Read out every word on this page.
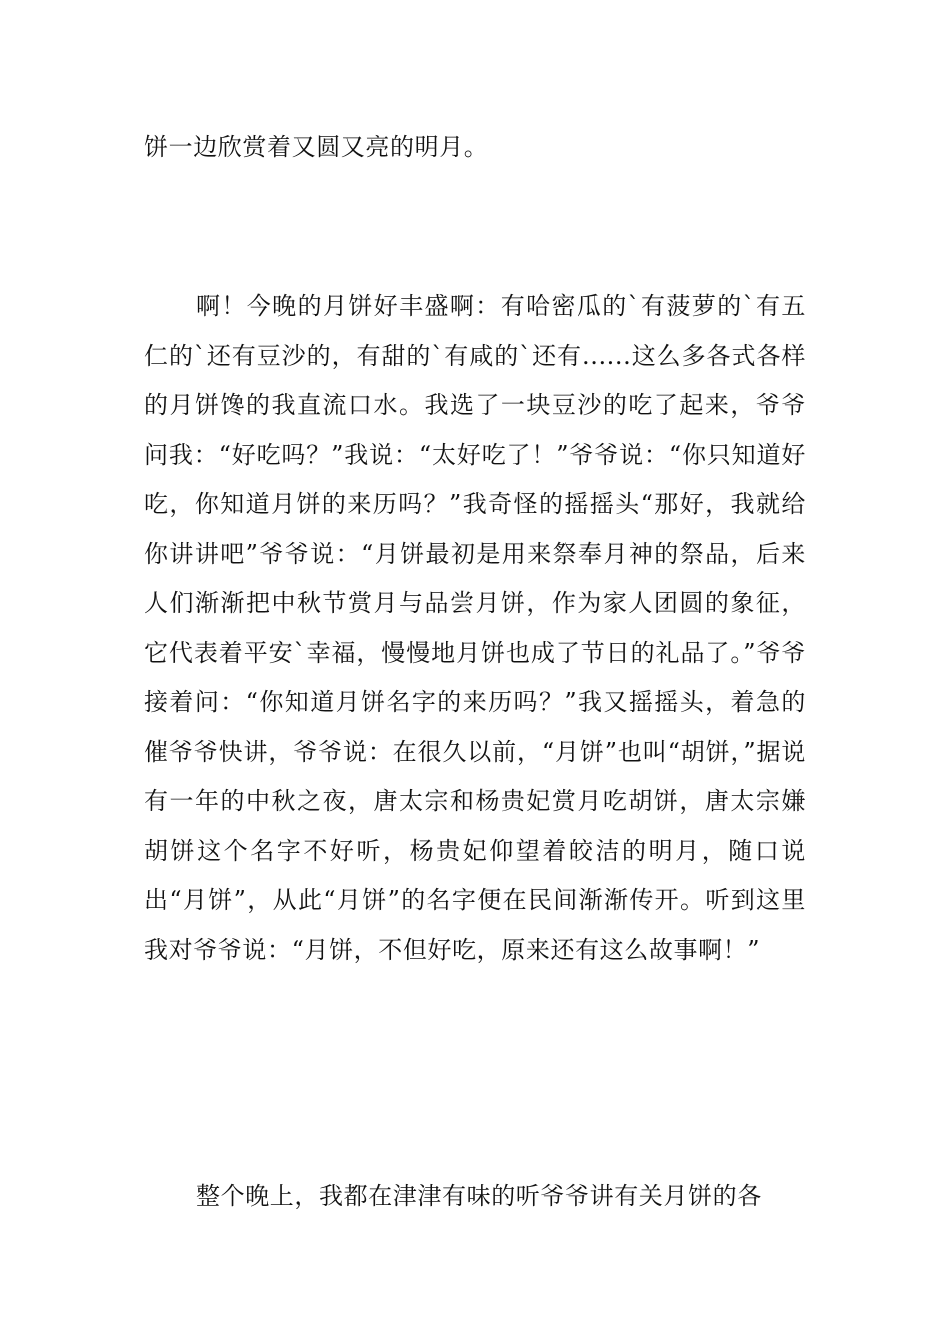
饼一边欣赏着又圆又亮的明月。

啊！今晚的月饼好丰盛啊：有哈密瓜的`有菠萝的`有五仁的`还有豆沙的，有甜的`有咸的`还有......这么多各式各样的月饼馋的我直流口水。我选了一块豆沙的吃了起来，爷爷问我：“好吃吗？”我说：“太好吃了！”爷爷说：“你只知道好吃，你知道月饼的来历吗？”我奇怪的摇摇头“那好，我就给你讲讲吧”爷爷说：“月饼最初是用来祭奉月神的祭品，后来人们渐渐把中秋节赏月与品尝月饼，作为家人团圆的象征，它代表着平安`幸福，慢慢地月饼也成了节日的礼品了。”爷爷接着问：“你知道月饼名字的来历吗？”我又摇摇头，着急的催爷爷快讲，爷爷说：在很久以前，“月饼”也叫“胡饼，”据说有一年的中秋之夜，唐太宗和杨贵妃赏月吃胡饼，唐太宗嫌胡饼这个名字不好听，杨贵妃仰望着皎洁的明月，随口说出“月饼”，从此“月饼”的名字便在民间渐渐传开。听到这里我对爷爷说：“月饼，不但好吃，原来还有这么故事啊！”

整个晚上，我都在津津有味的听爷爷讲有关月饼的各
